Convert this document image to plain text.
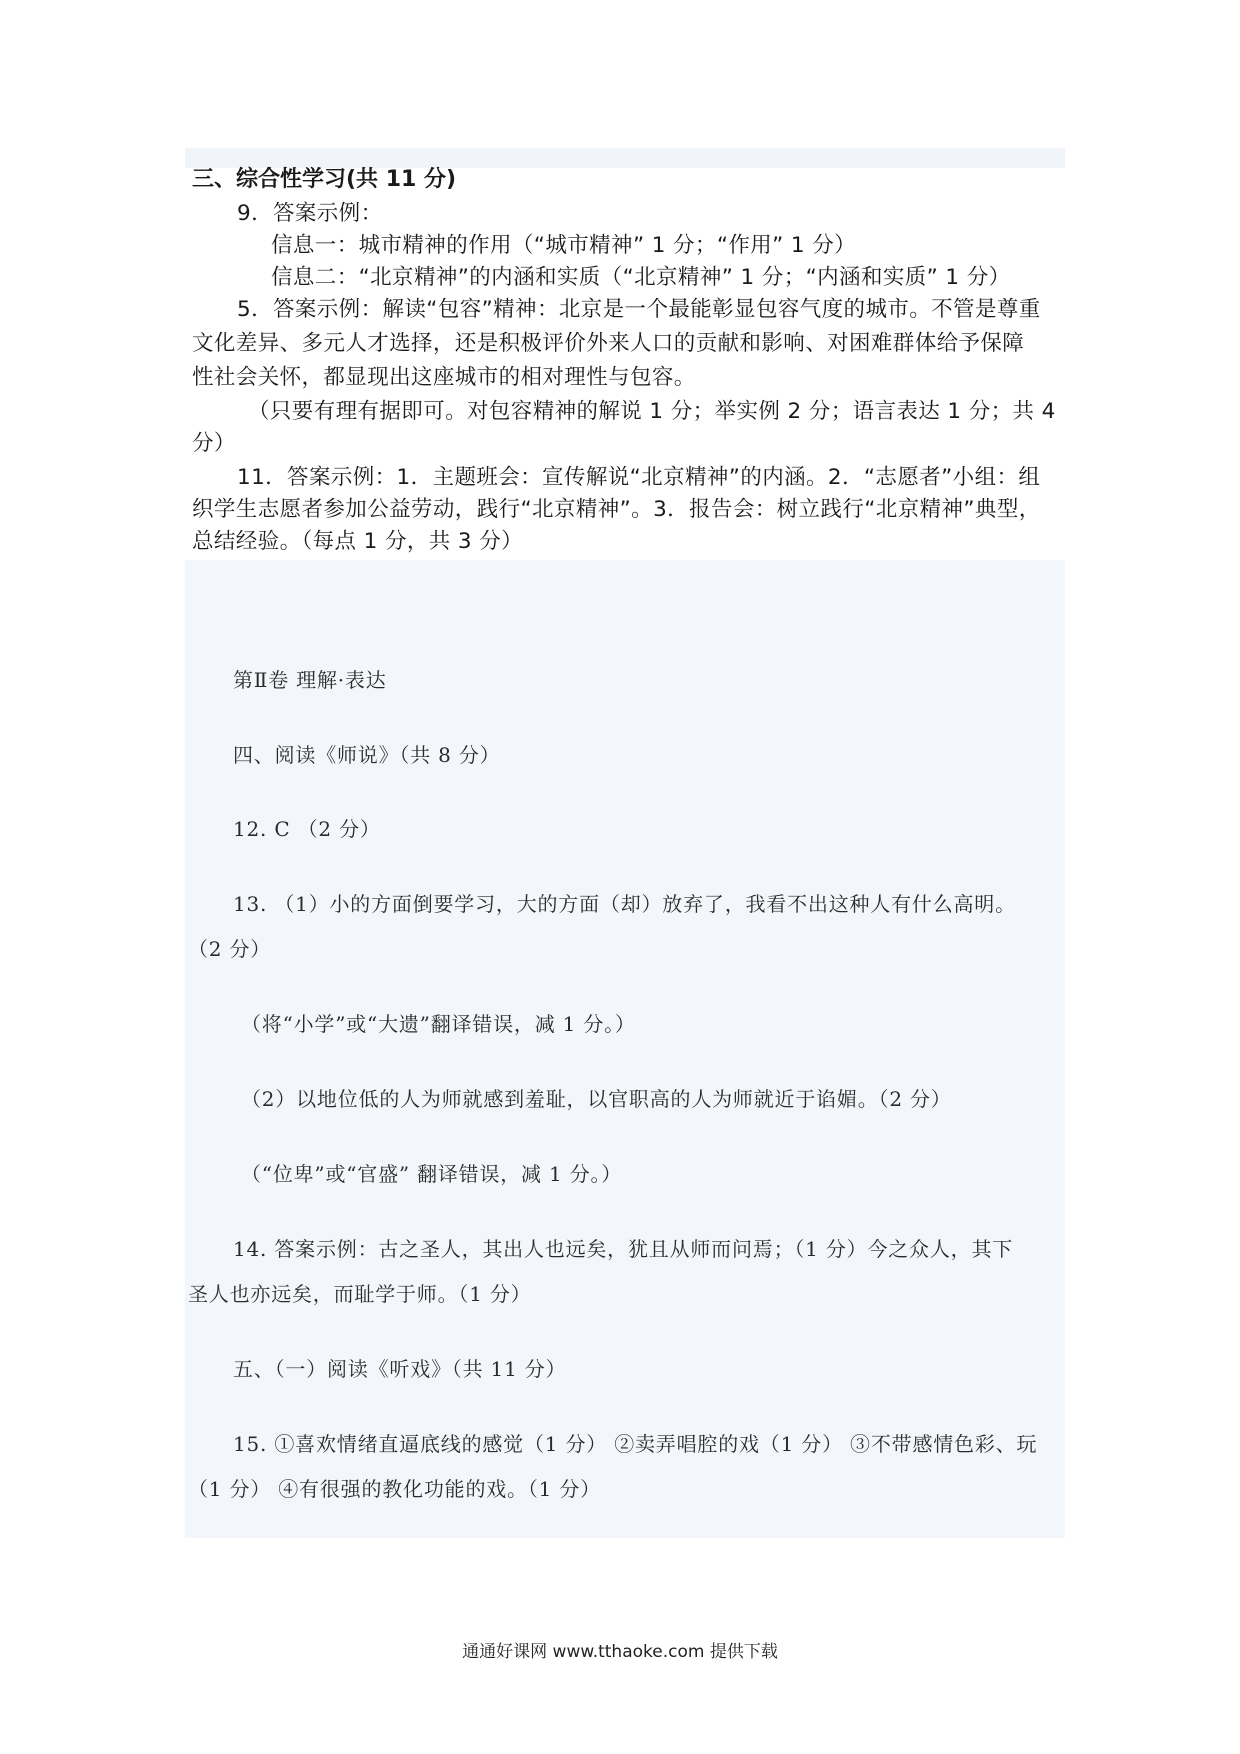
三、综合性学习(共 11 分)
9．答案示例：
信息一：城市精神的作用（“城市精神” 1 分；“作用” 1 分）
信息二：“北京精神”的内涵和实质（“北京精神” 1 分；“内涵和实质” 1 分）
5．答案示例：解读“包容”精神：北京是一个最能彰显包容气度的城市。不管是尊重
文化差异、多元人才选择，还是积极评价外来人口的贡献和影响、对困难群体给予保障
性社会关怀，都显现出这座城市的相对理性与包容。
（只要有理有据即可。对包容精神的解说 1 分；举实例 2 分；语言表达 1 分；共 4
分）
11．答案示例：1．主题班会：宣传解说“北京精神”的内涵。2．“志愿者”小组：组
织学生志愿者参加公益劳动，践行“北京精神”。3．报告会：树立践行“北京精神”典型，
总结经验。（每点 1 分，共 3 分）
第Ⅱ卷 理解·表达
四、阅读《师说》（共 8 分）
12. C （2 分）
13. （1）小的方面倒要学习，大的方面（却）放弃了，我看不出这种人有什么高明。
（2 分）
（将“小学”或“大遗”翻译错误，减 1 分。）
（2）以地位低的人为师就感到羞耻，以官职高的人为师就近于谄媚。（2 分）
（“位卑”或“官盛” 翻译错误，减 1 分。）
14. 答案示例：古之圣人，其出人也远矣，犹且从师而问焉；（1 分）今之众人，其下
圣人也亦远矣，而耻学于师。（1 分）
五、（一）阅读《听戏》（共 11 分）
15. ①喜欢情绪直逼底线的感觉（1 分） ②卖弄唱腔的戏（1 分） ③不带感情色彩、玩
（1 分） ④有很强的教化功能的戏。（1 分）
通通好课网 www.tthaoke.com 提供下载
